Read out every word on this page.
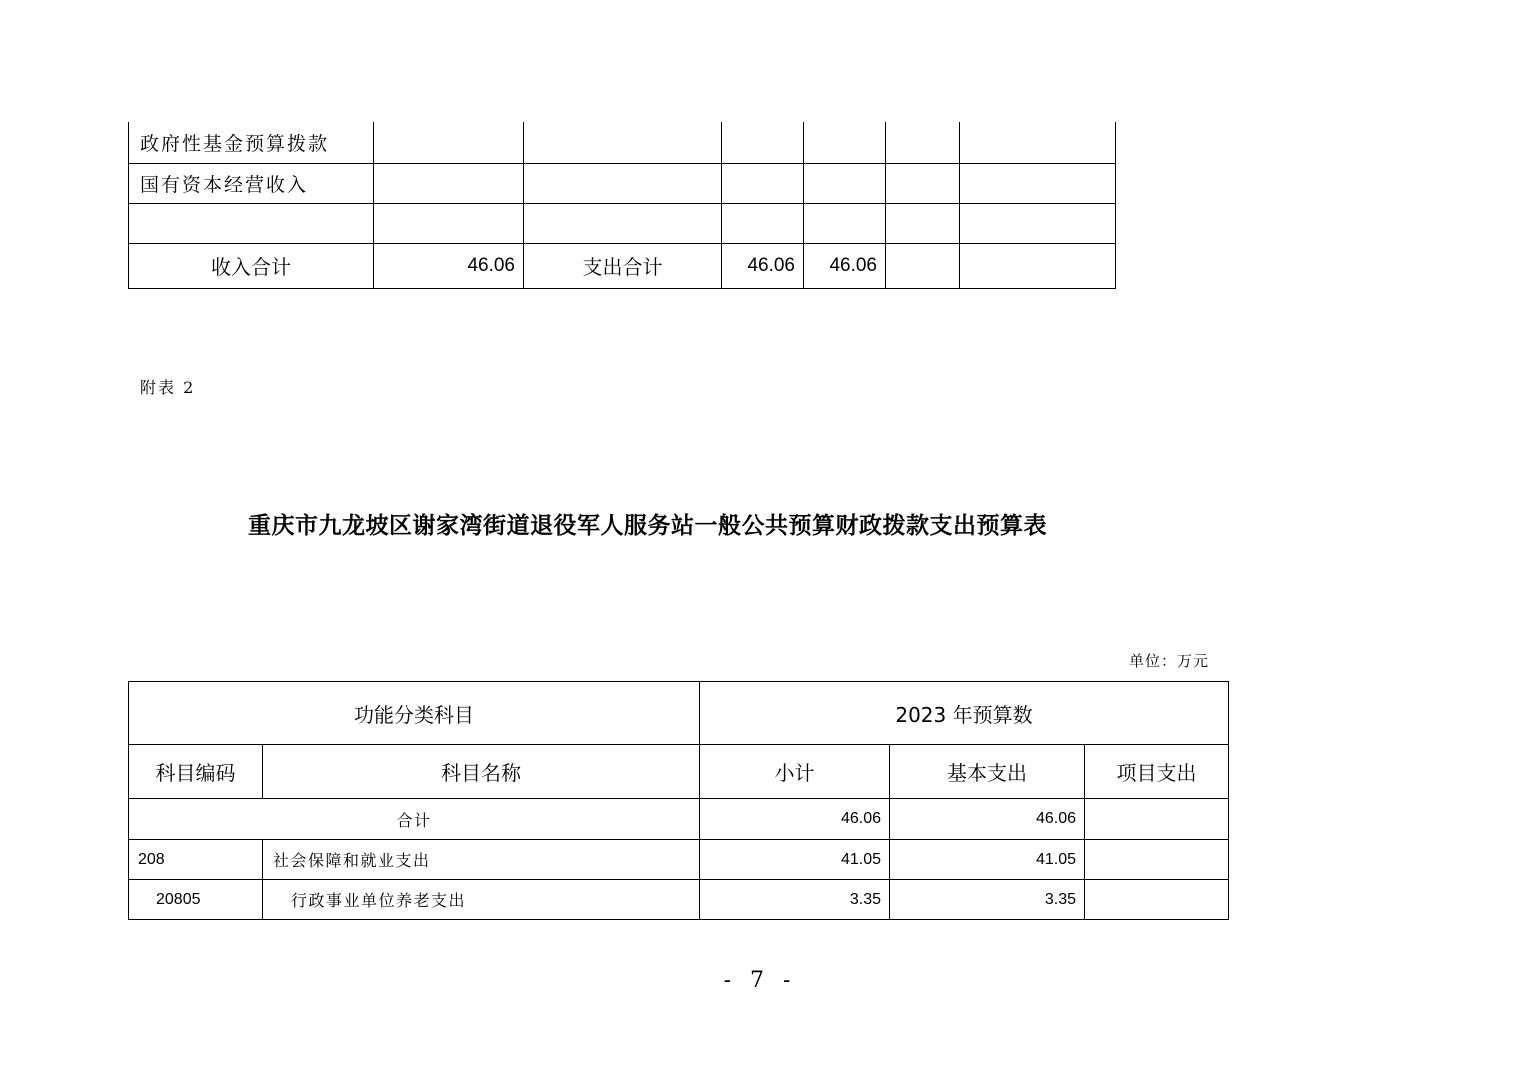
政府性基金预算拨款						
国有资本经营收入						

收入合计	46.06	支出合计	46.06	46.06		
附表 2
重庆市九龙坡区谢家湾街道退役军人服务站一般公共预算财政拨款支出预算表
单位：万元
功能分类科目		2023 年预算数		
科目编码	科目名称	小计	基本支出	项目支出
合计		46.06	46.06	
208	社会保障和就业支出	41.05	41.05	
20805	行政事业单位养老支出	3.35	3.35	
- 7 -
